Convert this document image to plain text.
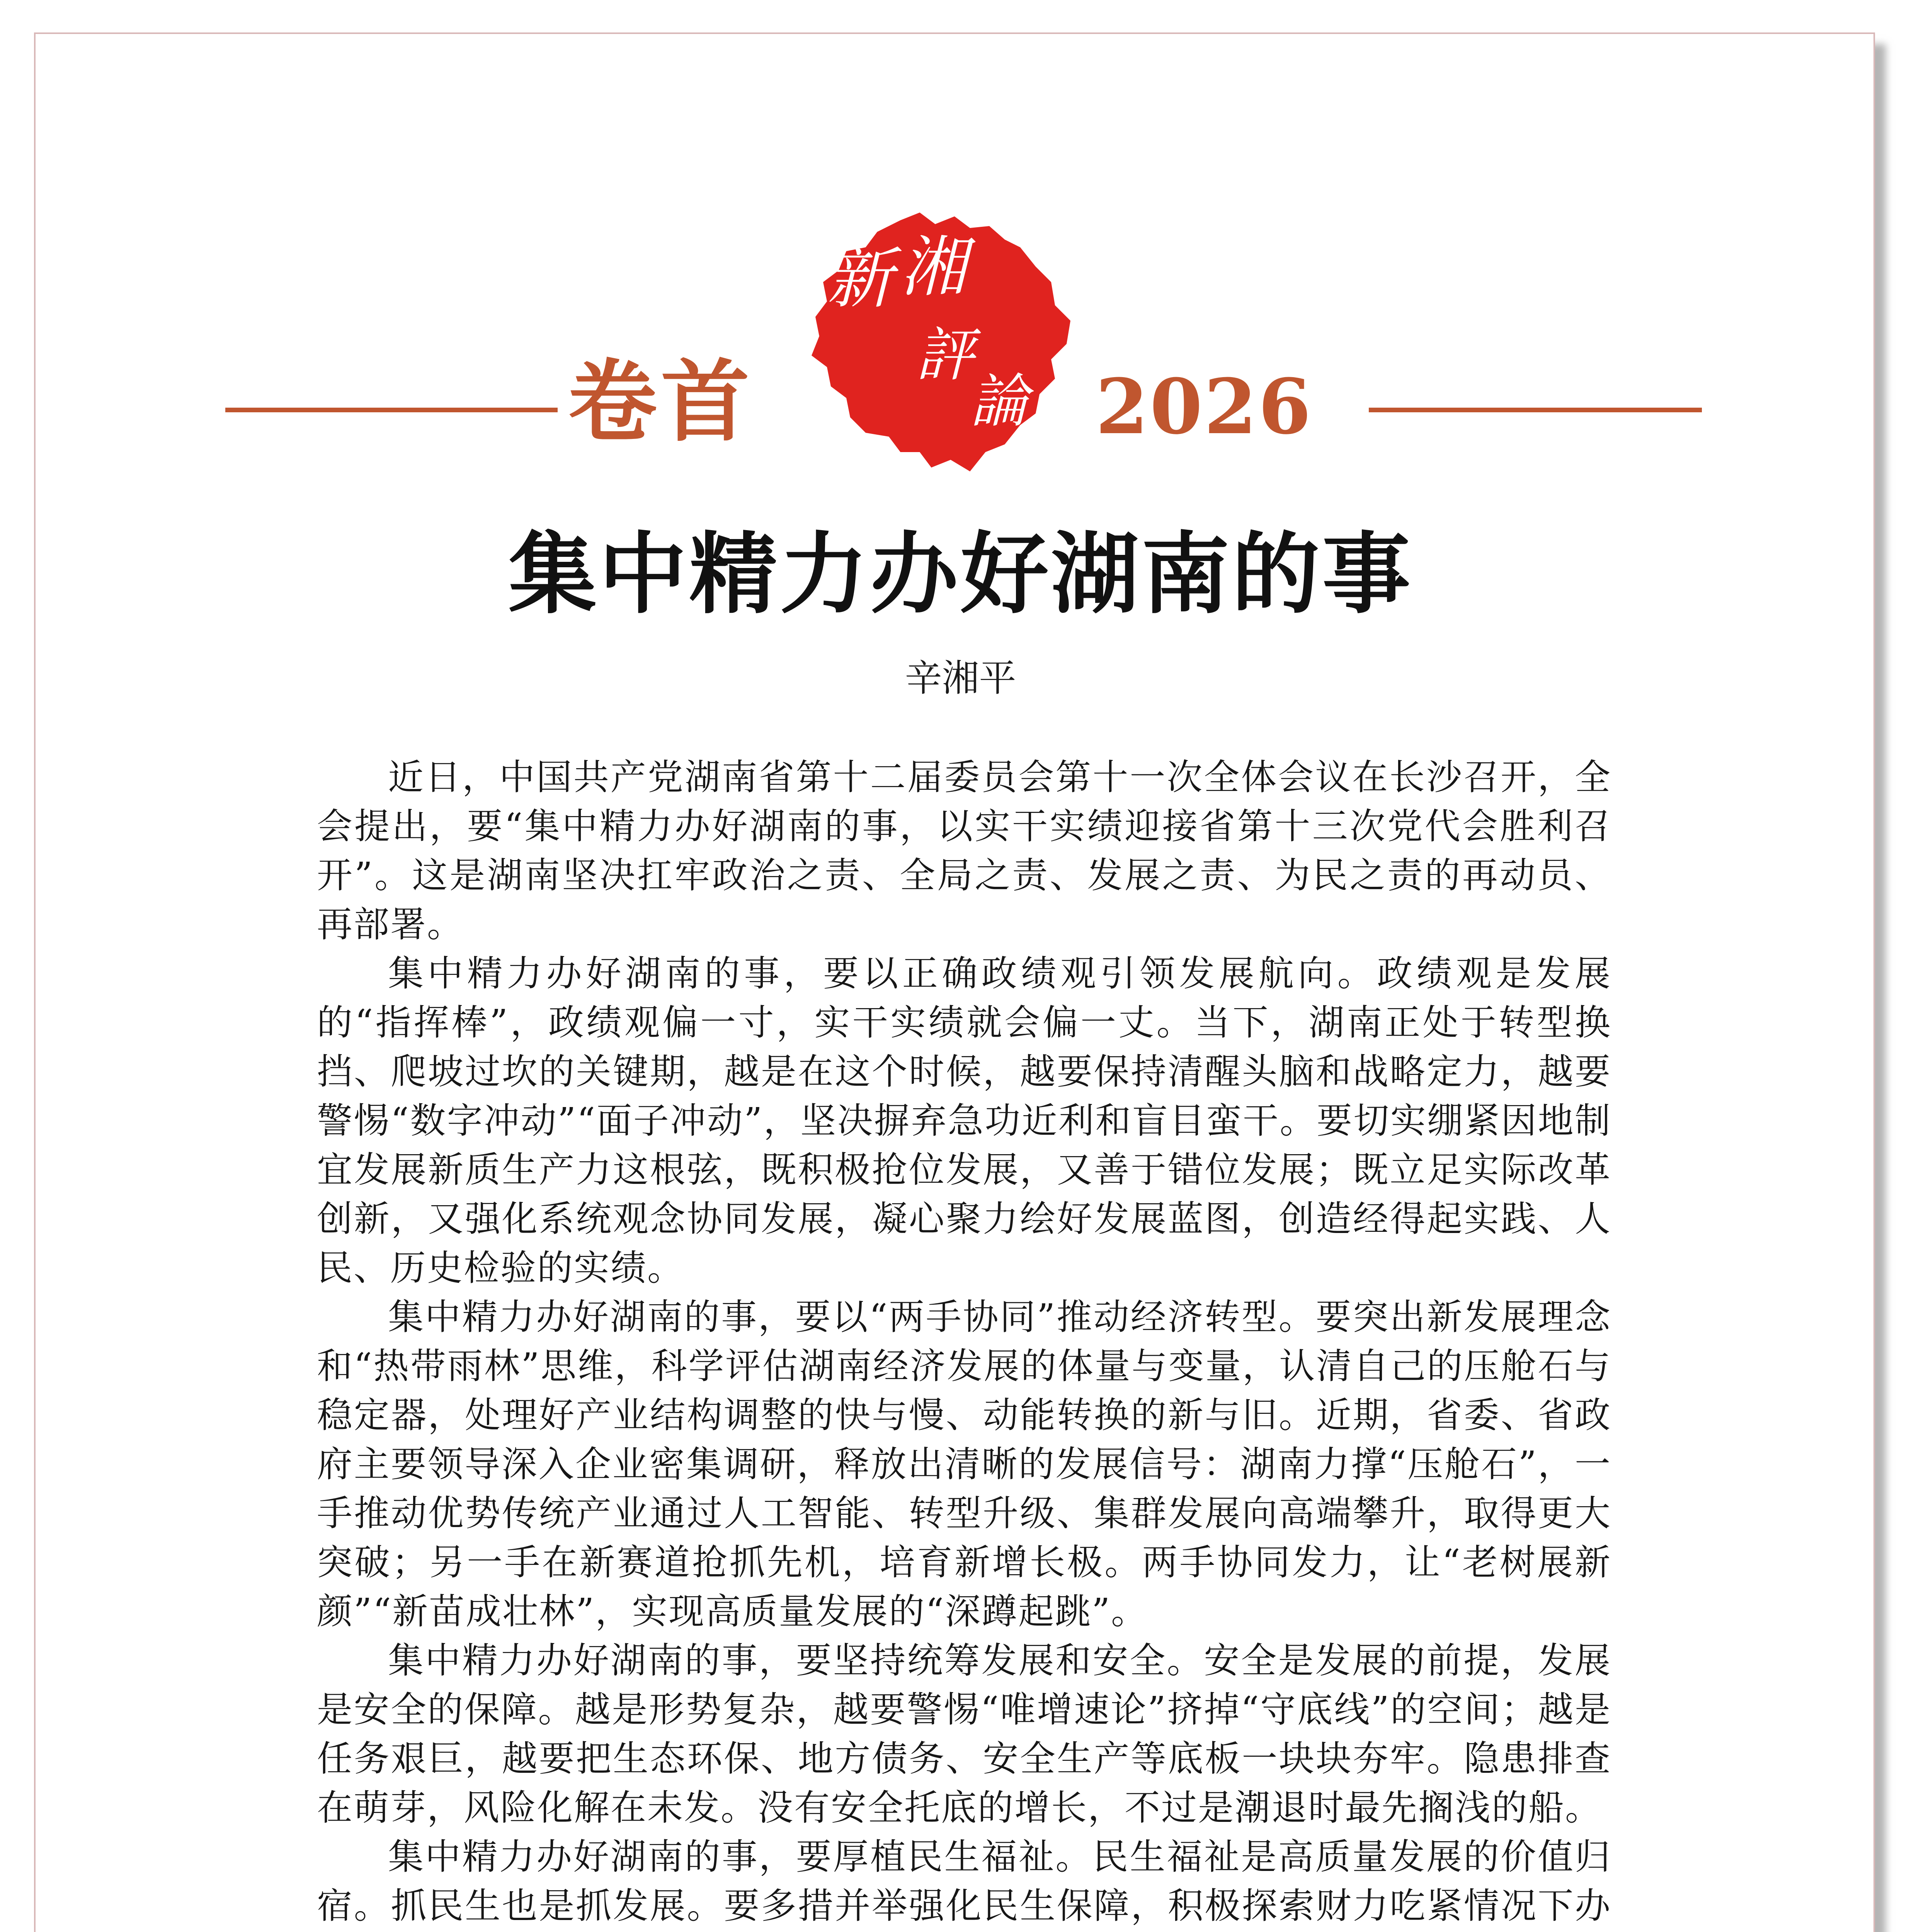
卷首
新 湘
評
論 2026
集中精力办好湖南的事
辛湘平

近日，中国共产党湖南省第十二届委员会第十一次全体会议在长沙召开，全会提出，要“集中精力办好湖南的事，以实干实绩迎接省第十三次党代会胜利召开”。这是湖南坚决扛牢政治之责、全局之责、发展之责、为民之责的再动员、再部署。

集中精力办好湖南的事，要以正确政绩观引领发展航向。政绩观是发展的“指挥棒”，政绩观偏一寸，实干实绩就会偏一丈。当下，湖南正处于转型换挡、爬坡过坎的关键期，越是在这个时候，越要保持清醒头脑和战略定力，越要警惕“数字冲动”“面子冲动”，坚决摒弃急功近利和盲目蛮干。要切实绷紧因地制宜发展新质生产力这根弦，既积极抢位发展，又善于错位发展；既立足实际改革创新，又强化系统观念协同发展，凝心聚力绘好发展蓝图，创造经得起实践、人民、历史检验的实绩。

集中精力办好湖南的事，要以“两手协同”推动经济转型。要突出新发展理念和“热带雨林”思维，科学评估湖南经济发展的体量与变量，认清自己的压舱石与稳定器，处理好产业结构调整的快与慢、动能转换的新与旧。近期，省委、省政府主要领导深入企业密集调研，释放出清晰的发展信号：湖南力撑“压舱石”，一手推动优势传统产业通过人工智能、转型升级、集群发展向高端攀升，取得更大突破；另一手在新赛道抢抓先机，培育新增长极。两手协同发力，让“老树展新颜”“新苗成壮林”，实现高质量发展的“深蹲起跳”。

集中精力办好湖南的事，要坚持统筹发展和安全。安全是发展的前提，发展是安全的保障。越是形势复杂，越要警惕“唯增速论”挤掉“守底线”的空间；越是任务艰巨，越要把生态环保、地方债务、安全生产等底板一块块夯牢。隐患排查在萌芽，风险化解在未发。没有安全托底的增长，不过是潮退时最先搁浅的船。

集中精力办好湖南的事，要厚植民生福祉。民生福祉是高质量发展的价值归宿。抓民生也是抓发展。要多措并举强化民生保障，积极探索财力吃紧情况下办
